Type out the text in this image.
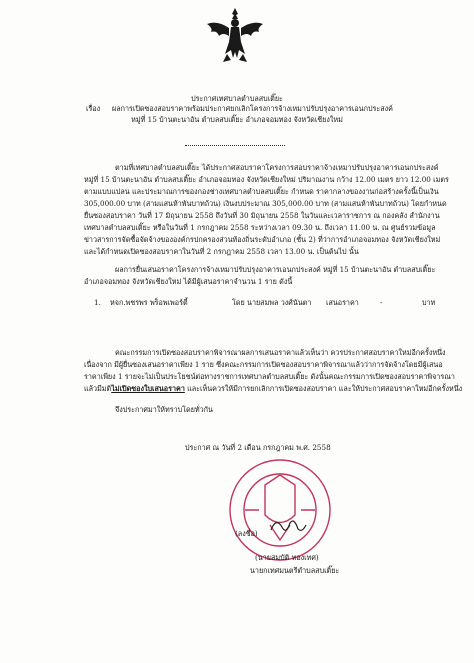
ประกาศเทศบาลตำบลสบเติ๊ยะ
เรื่อง ผลการเปิดซองสอบราคาพร้อมประกาศยกเลิกโครงการจ้างเหมาปรับปรุงอาคารเอนกประสงค์
หมู่ที่ 15 บ้านตะนาอัน ตำบลสบเติ๊ยะ อำเภอจอมทอง จังหวัดเชียงใหม่
ตามที่เทศบาลตำบลสบเติ๊ยะ ได้ประกาศสอบราคาโครงการสอบราคาจ้างเหมาปรับปรุงอาคารเอนกประสงค์
หมู่ที่ 15 บ้านตะนาอัน ตำบลสบเติ๊ยะ อำเภอจอมทอง จังหวัดเชียงใหม่ ปริมาณงาน กว้าง 12.00 เมตร ยาว 12.00 เมตร
ตามแบบแปลน และประมาณการของกองช่างเทศบาลตำบลสบเติ๊ยะ กำหนด ราคากลางของงานก่อสร้างครั้งนี้เป็นเงิน
305,000.00 บาท (สามแสนห้าพันบาทถ้วน) เงินงบประมาณ 305,000.00 บาท (สามแสนห้าพันบาทถ้วน) โดยกำหนด
ยื่นซองสอบราคา วันที่ 17 มิถุนายน 2558 ถึงวันที่ 30 มิถุนายน 2558 ในวันและเวลาราชการ ณ กองคลัง สำนักงาน
เทศบาลตำบลสบเติ๊ยะ หรือในวันที่ 1 กรกฎาคม 2558 ระหว่างเวลา 09.30 น. ถึงเวลา 11.00 น. ณ ศูนย์รวมข้อมูล
ข่าวสารการจัดซื้อจัดจ้างขององค์กรปกครองส่วนท้องถิ่นระดับอำเภอ (ชั้น 2) ที่ว่าการอำเภอจอมทอง จังหวัดเชียงใหม่
และได้กำหนดเปิดซองสอบราคาในวันที่ 2 กรกฎาคม 2558 เวลา 13.00 น. เป็นต้นไป นั้น
ผลการยื่นเสนอราคาโครงการจ้างเหมาปรับปรุงอาคารเอนกประสงค์ หมู่ที่ 15 บ้านตะนาอัน ตำบลสบเติ๊ยะ
อำเภอจอมทอง จังหวัดเชียงใหม่ ได้มีผู้เสนอราคาจำนวน 1 ราย ดังนี้
1. หจก.พชรพร พร็อพเพอร์ตี้	โดย นายสมพล วงศ์นันตา เสนอราคา	-	บาท
คณะกรรมการเปิดซองสอบราคาพิจารณาผลการเสนอราคาแล้วเห็นว่า ควรประกาศสอบราคาใหม่อีกครั้งหนึ่ง
เนื่องจาก มีผู้ยื่นซองเสนอราคาเพียง 1 ราย ซึ่งคณะกรรมการเปิดซองสอบราคาพิจารณาแล้วว่าการจัดจ้างโดยมีผู้เสนอ
ราคาเพียง 1 รายจะไม่เป็นประโยชน์ต่อทางราชการเทศบาลตำบลสบเติ๊ยะ ดังนั้นคณะกรรมการเปิดซองสอบราคาพิจารณา
แล้วมีมติไม่เปิดซองใบเสนอราคา และเห็นควรให้มีการยกเลิกการเปิดซองสอบราคา และให้ประกาศสอบราคาใหม่อีกครั้งหนึ่ง
จึงประกาศมาให้ทราบโดยทั่วกัน
ประกาศ ณ วันที่ 2 เดือน กรกฎาคม พ.ศ. 2558
(ลงชื่อ)
(นายสมบัติ ทองเทศ)
นายกเทศมนตรีตำบลสบเติ๊ยะ
